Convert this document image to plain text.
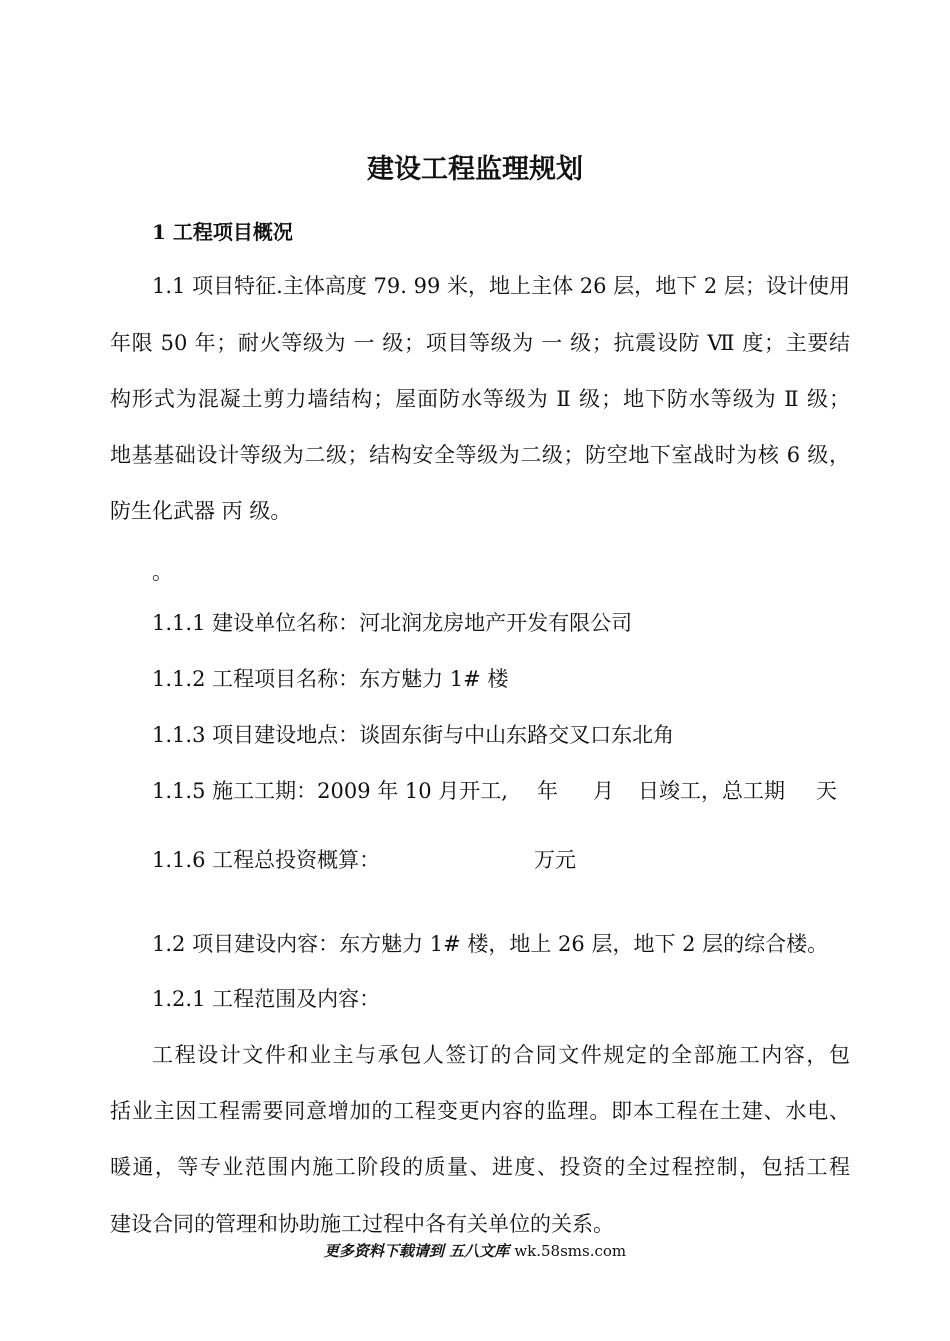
建设工程监理规划
1 工程项目概况
1.1 项目特征.主体高度 79. 99 米，地上主体 26 层，地下 2 层；设计使用
年限 50 年；耐火等级为 一 级；项目等级为 一 级；抗震设防 Ⅶ 度；主要结
构形式为混凝土剪力墙结构；屋面防水等级为 Ⅱ 级；地下防水等级为 Ⅱ 级；
地基基础设计等级为二级；结构安全等级为二级；防空地下室战时为核 6 级，
防生化武器 丙 级。
。
1.1.1 建设单位名称：河北润龙房地产开发有限公司
1.1.2 工程项目名称：东方魅力 1# 楼
1.1.3 项目建设地点：谈固东街与中山东路交叉口东北角
1.1.5 施工工期：2009 年 10 月开工, 年 月 日竣工，总工期 天
1.1.6 工程总投资概算：	万元
1.2 项目建设内容：东方魅力 1# 楼，地上 26 层，地下 2 层的综合楼。
1.2.1 工程范围及内容：
工程设计文件和业主与承包人签订的合同文件规定的全部施工内容，包
括业主因工程需要同意增加的工程变更内容的监理。即本工程在土建、水电、
暖通，等专业范围内施工阶段的质量、进度、投资的全过程控制，包括工程
建设合同的管理和协助施工过程中各有关单位的关系。
更多资料下载请到 五八文库 wk.58sms.com
